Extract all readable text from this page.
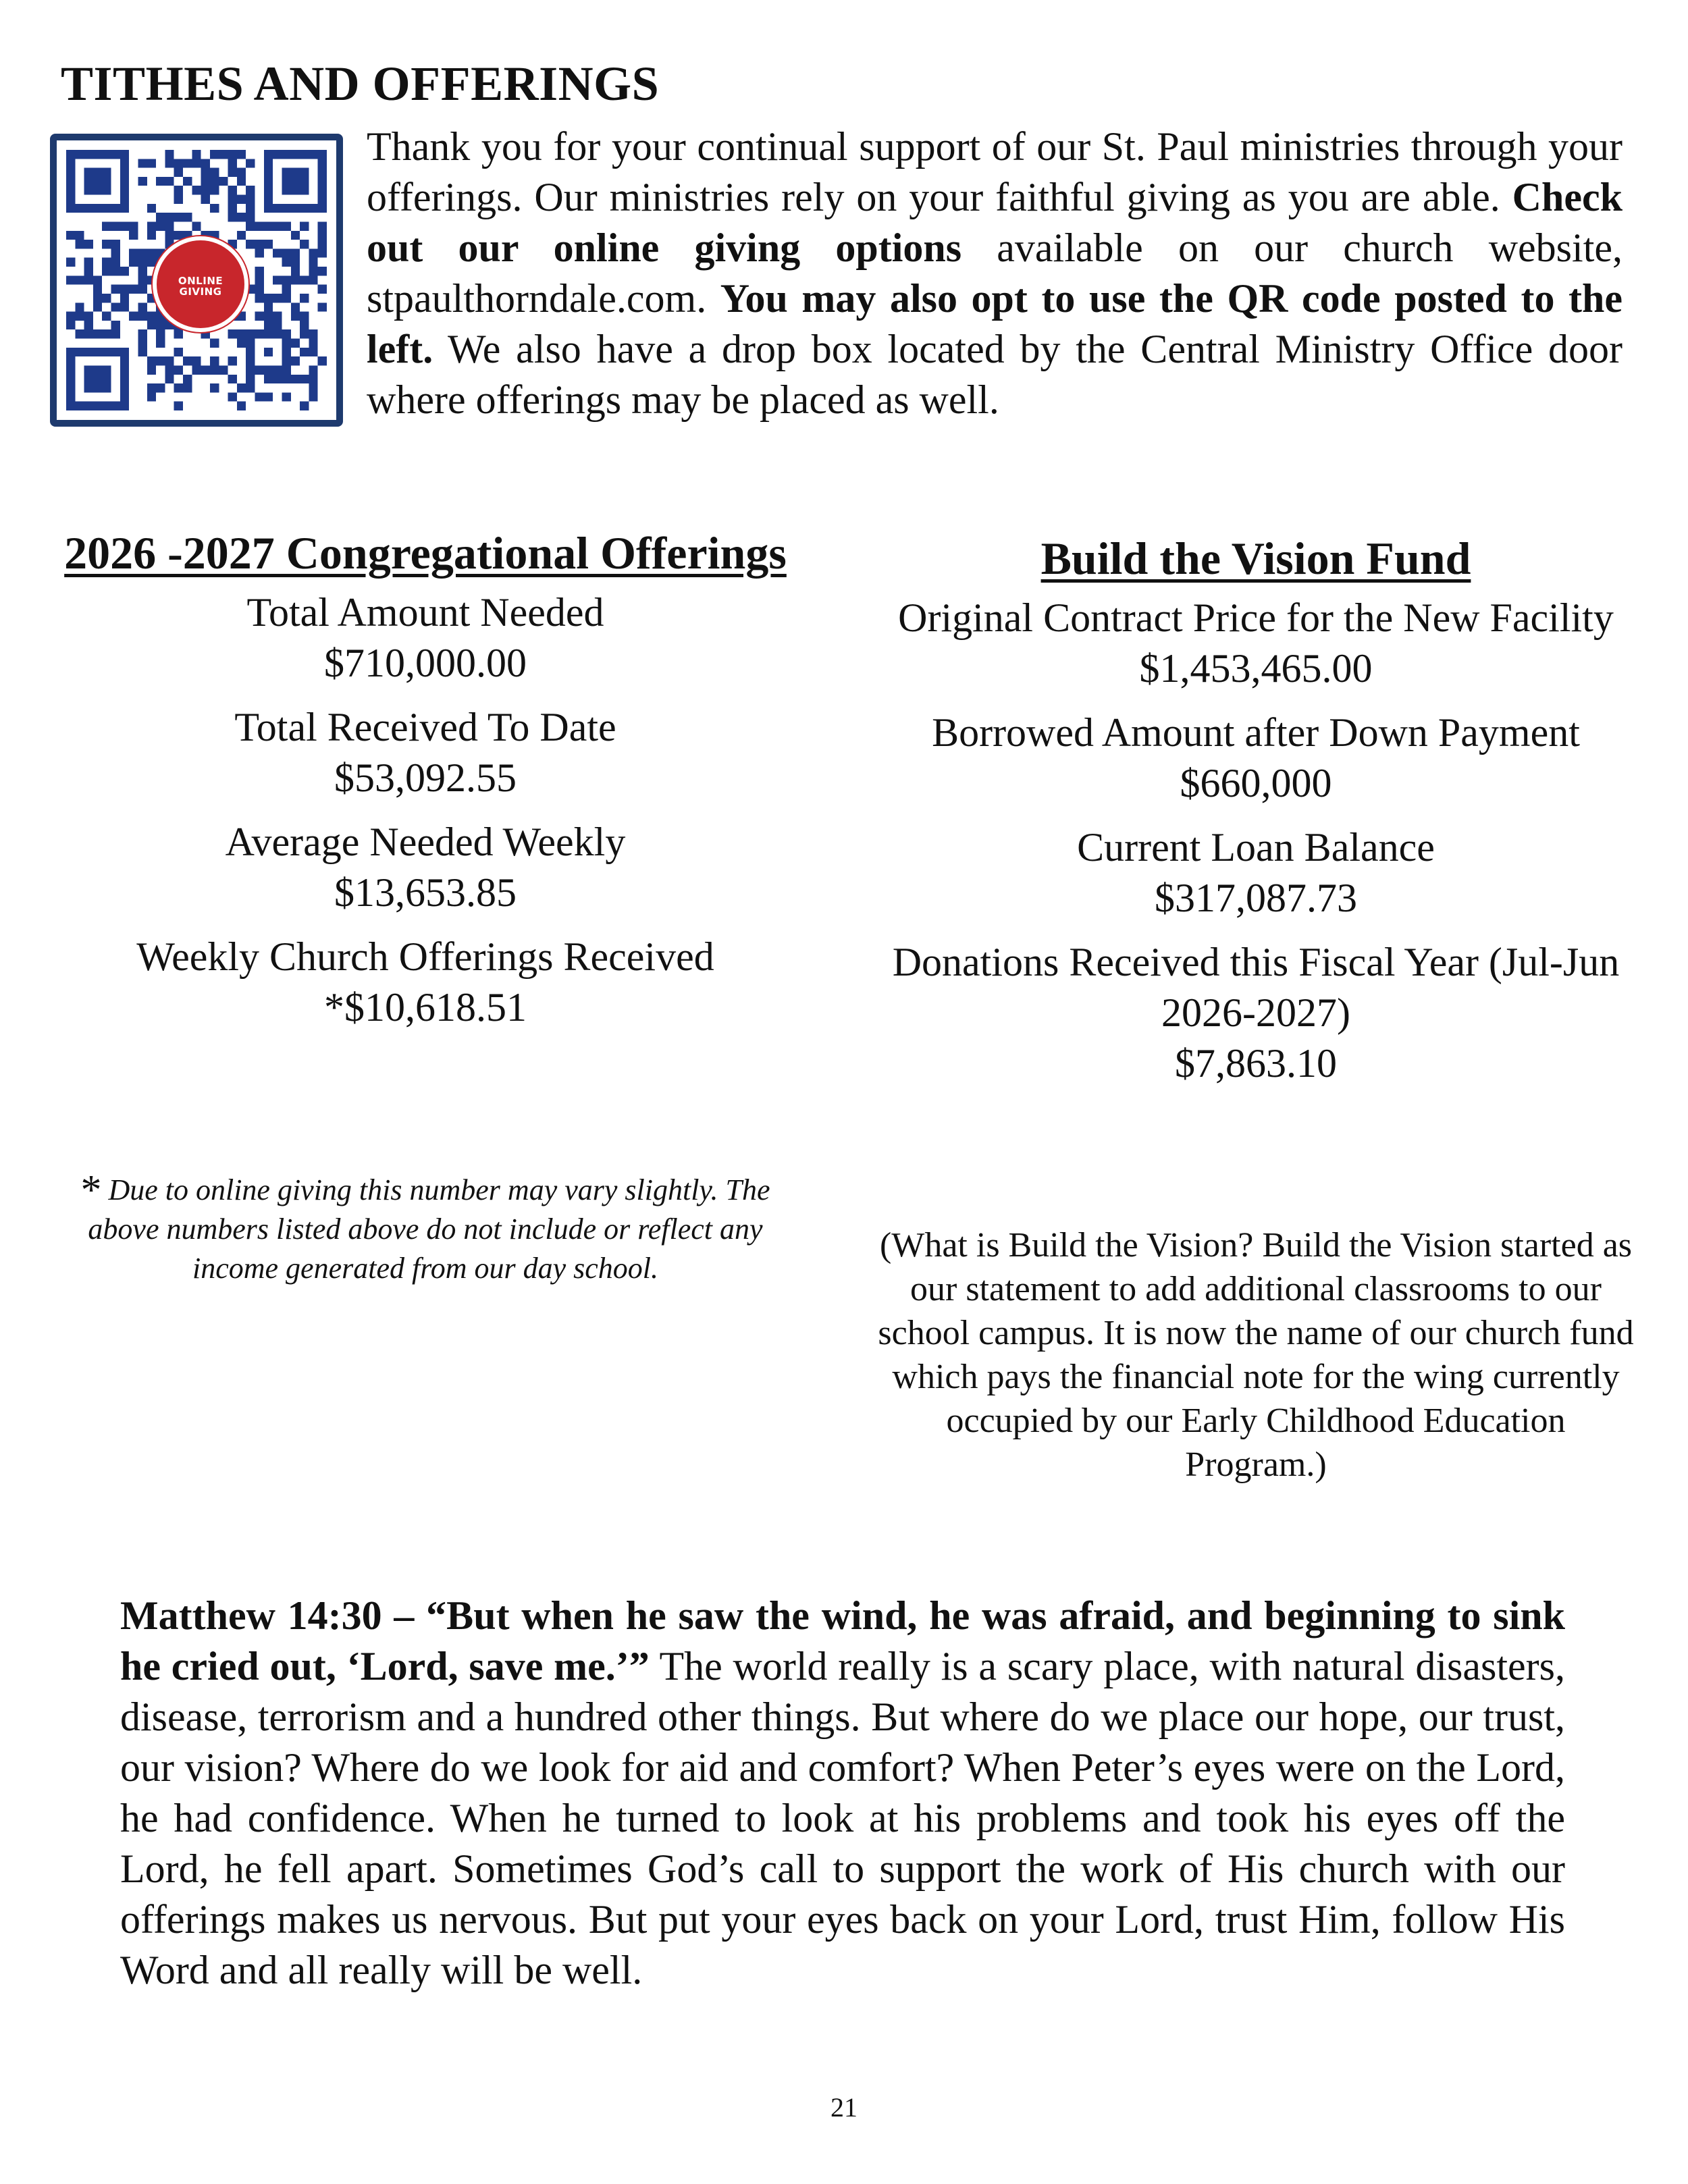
TITHES AND OFFERINGS
ONLINE
GIVING

Thank you for your continual support of our St. Paul ministries through your offerings. Our ministries rely on your faithful giving as you are able. Check out our online giving options available on our church website, stpaulthorndale.com. You may also opt to use the QR code posted to the left. We also have a drop box located by the Central Ministry Office door where offerings may be placed as well.

2026 -2027 Congregational Offerings

Total Amount Needed

$710,000.00

Total Received To Date

$53,092.55

Average Needed Weekly

$13,653.85

Weekly Church Offerings Received

*$10,618.51

* Due to online giving this number may vary slightly. The above numbers listed above do not include or reflect any income generated from our day school.

Build the Vision Fund

Original Contract Price for the New Facility

$1,453,465.00

Borrowed Amount after Down Payment

$660,000

Current Loan Balance

$317,087.73

Donations Received this Fiscal Year (Jul-Jun 2026-2027)

$7,863.10

(What is Build the Vision? Build the Vision started as our statement to add additional classrooms to our school campus. It is now the name of our church fund which pays the financial note for the wing currently occupied by our Early Childhood Education Program.)

Matthew 14:30 – “But when he saw the wind, he was afraid, and beginning to sink he cried out, ‘Lord, save me.’” The world really is a scary place, with natural disasters, disease, terrorism and a hundred other things. But where do we place our hope, our trust, our vision? Where do we look for aid and comfort? When Peter’s eyes were on the Lord, he had confidence. When he turned to look at his problems and took his eyes off the Lord, he fell apart. Sometimes God’s call to support the work of His church with our offerings makes us nervous. But put your eyes back on your Lord, trust Him, follow His Word and all really will be well.

21
